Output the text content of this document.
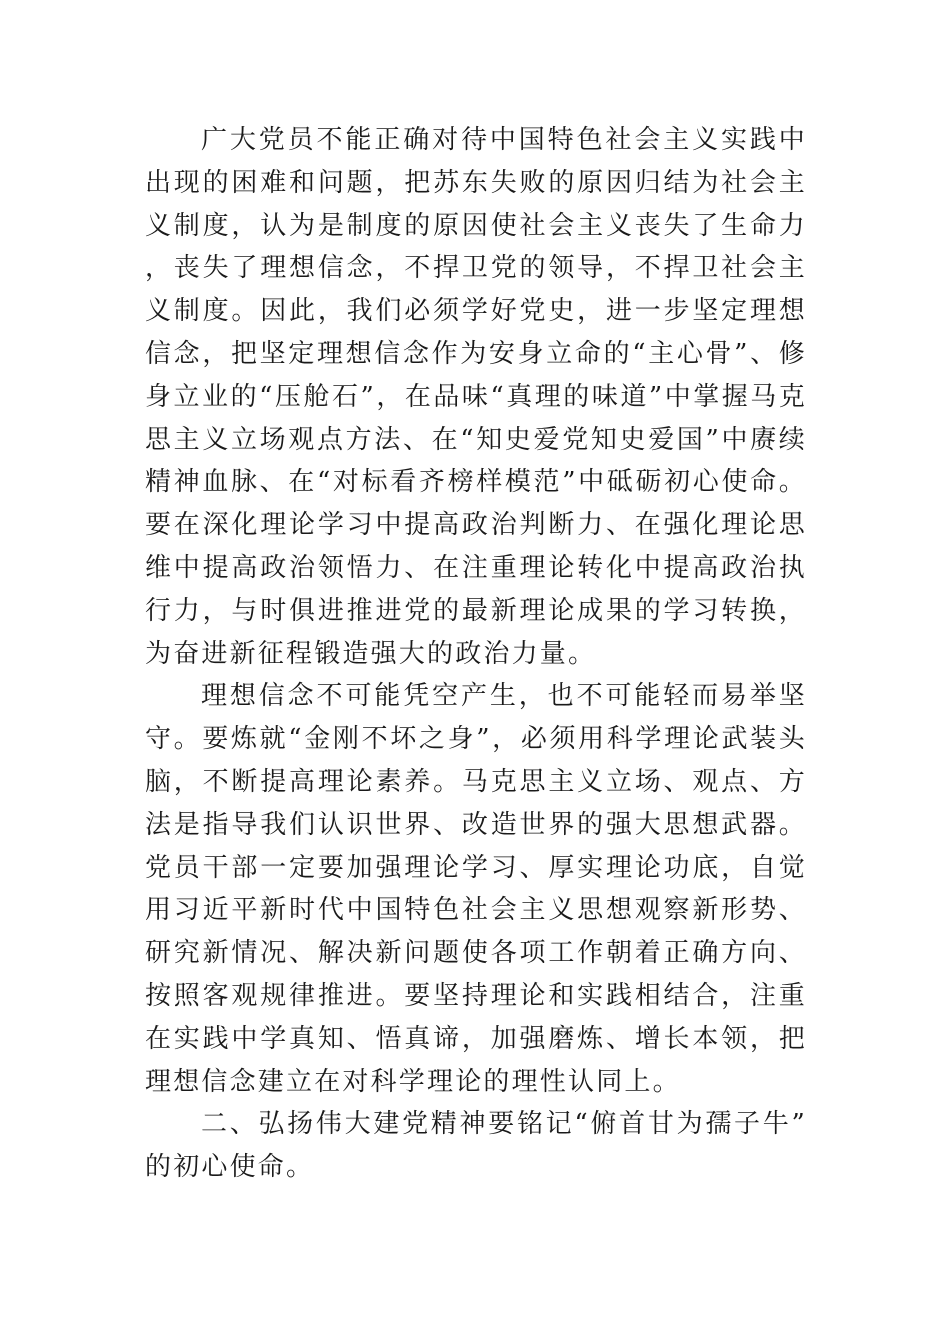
广大党员不能正确对待中国特色社会主义实践中出现的困难和问题，把苏东失败的原因归结为社会主义制度，认为是制度的原因使社会主义丧失了生命力，丧失了理想信念，不捍卫党的领导，不捍卫社会主义制度。因此，我们必须学好党史，进一步坚定理想信念，把坚定理想信念作为安身立命的“主心骨”、修身立业的“压舱石”，在品味“真理的味道”中掌握马克思主义立场观点方法、在“知史爱党知史爱国”中赓续精神血脉、在“对标看齐榜样模范”中砥砺初心使命。要在深化理论学习中提高政治判断力、在强化理论思维中提高政治领悟力、在注重理论转化中提高政治执行力，与时俱进推进党的最新理论成果的学习转换，为奋进新征程锻造强大的政治力量。

理想信念不可能凭空产生，也不可能轻而易举坚守。要炼就“金刚不坏之身”，必须用科学理论武装头脑，不断提高理论素养。马克思主义立场、观点、方法是指导我们认识世界、改造世界的强大思想武器。党员干部一定要加强理论学习、厚实理论功底，自觉用习近平新时代中国特色社会主义思想观察新形势、研究新情况、解决新问题使各项工作朝着正确方向、按照客观规律推进。要坚持理论和实践相结合，注重在实践中学真知、悟真谛，加强磨炼、增长本领，把理想信念建立在对科学理论的理性认同上。

二、弘扬伟大建党精神要铭记“俯首甘为孺子牛”的初心使命。
